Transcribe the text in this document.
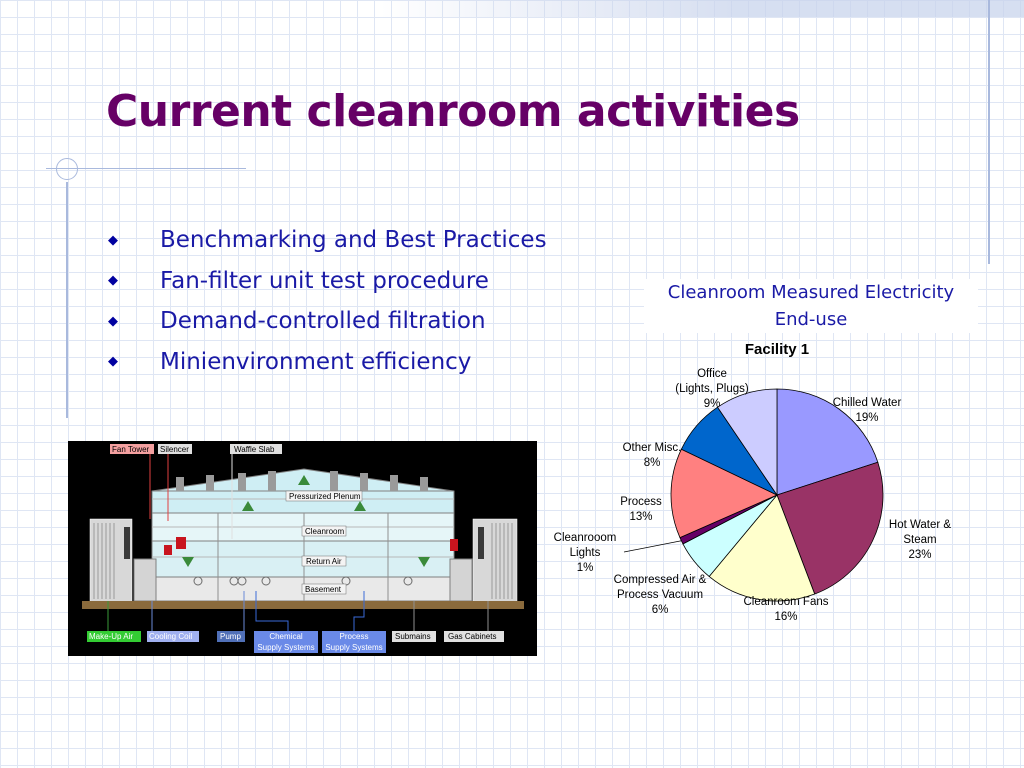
Current cleanroom activities
◆	Benchmarking and Best Practices
◆	Fan-filter unit test procedure
◆	Demand-controlled filtration
◆	Minienvironment efficiency
Cleanroom Measured Electricity
End-use
Facility 1
Chilled Water 19%
Hot Water & Steam 23%
Cleanroom Fans 16%
Compressed Air & Process Vacuum 6%
Cleanrooom Lights 1%
Process 13%
Other Misc. 8%
Office (Lights, Plugs) 9%
Fan Tower Silencer	Waffle Slab
Pressurized Plenum
Cleanroom
Return Air
Basement
Make-Up Air Cooling Coil	Pump	Chemical
Supply Systems
Process
Supply Systems
Submains Gas Cabinets
